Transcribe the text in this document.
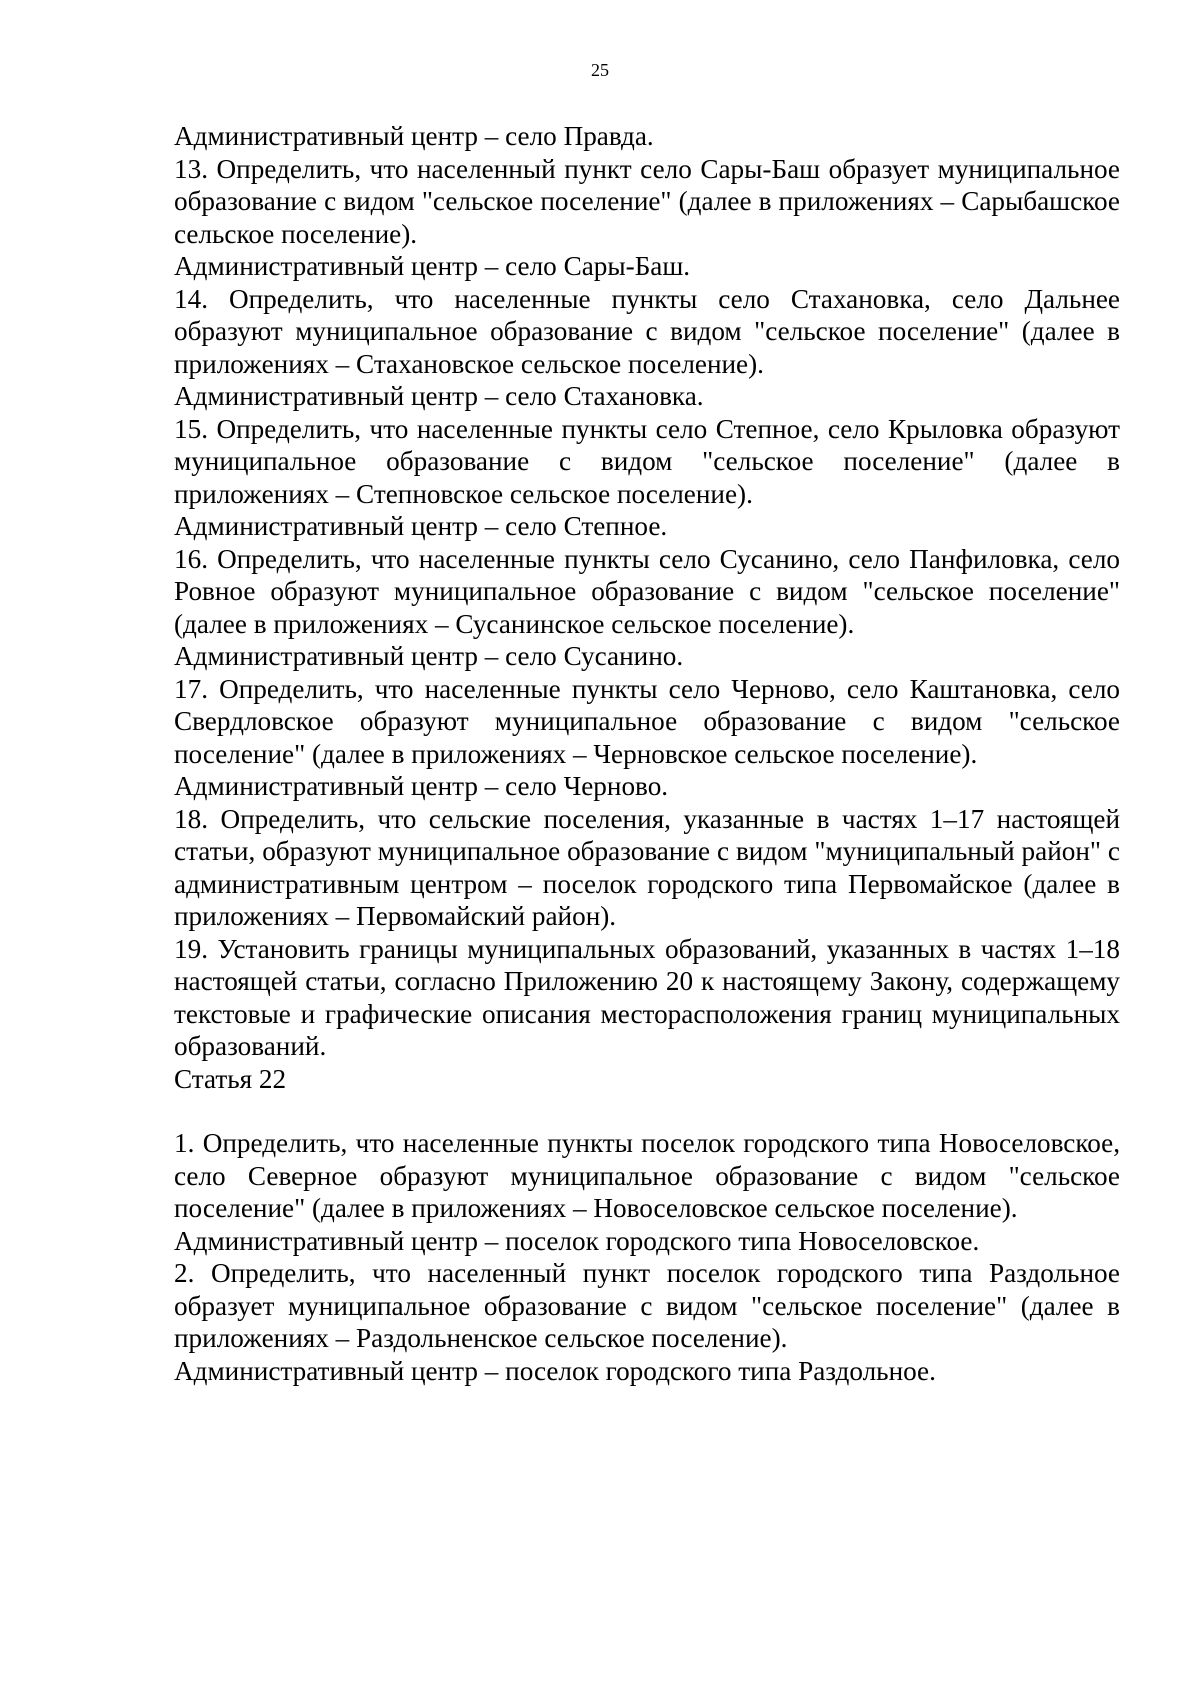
25

Административный центр – село Правда.

13. Определить, что населенный пункт село Сары-Баш образует муниципальное образование с видом "сельское поселение" (далее в приложениях – Сарыбашское сельское поселение).

Административный центр – село Сары-Баш.

14. Определить, что населенные пункты село Стахановка, село Дальнее образуют муниципальное образование с видом "сельское поселение" (далее в приложениях – Стахановское сельское поселение).

Административный центр – село Стахановка.

15. Определить, что населенные пункты село Степное, село Крыловка образуют муниципальное образование с видом "сельское поселение" (далее в приложениях – Степновское сельское поселение).

Административный центр – село Степное.

16. Определить, что населенные пункты село Сусанино, село Панфиловка, село Ровное образуют муниципальное образование с видом "сельское поселение" (далее в приложениях – Сусанинское сельское поселение).

Административный центр – село Сусанино.

17. Определить, что населенные пункты село Черново, село Каштановка, село Свердловское образуют муниципальное образование с видом "сельское поселение" (далее в приложениях – Черновское сельское поселение).

Административный центр – село Черново.

18. Определить, что сельские поселения, указанные в частях 1–17 настоящей статьи, образуют муниципальное образование с видом "муниципальный район" с административным центром – поселок городского типа Первомайское (далее в приложениях – Первомайский район).

19. Установить границы муниципальных образований, указанных в частях 1–18 настоящей статьи, согласно Приложению 20 к настоящему Закону, содержащему текстовые и графические описания месторасположения границ муниципальных образований.

Статья 22

1. Определить, что населенные пункты поселок городского типа Новоселовское, село Северное образуют муниципальное образование с видом "сельское поселение" (далее в приложениях – Новоселовское сельское поселение).

Административный центр – поселок городского типа Новоселовское.

2. Определить, что населенный пункт поселок городского типа Раздольное образует муниципальное образование с видом "сельское поселение" (далее в приложениях – Раздольненское сельское поселение).

Административный центр – поселок городского типа Раздольное.
